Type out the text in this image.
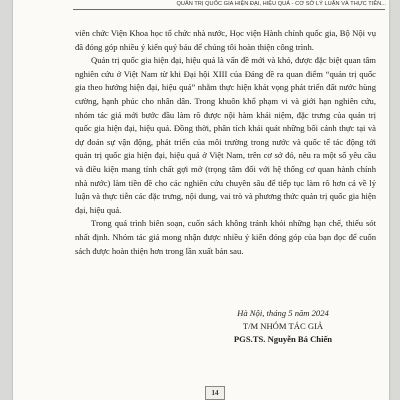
QUẢN TRỊ QUỐC GIA HIỆN ĐẠI, HIỆU QUẢ - CƠ SỞ LÝ LUẬN VÀ THỰC TIỄN...

viên chức Viện Khoa học tổ chức nhà nước, Học viện Hành chính quốc gia, Bộ Nội vụ đã đóng góp nhiều ý kiến quý báu để chúng tôi hoàn thiện công trình.

Quản trị quốc gia hiện đại, hiệu quả là vấn đề mới và khó, được đặc biệt quan tâm nghiên cứu ở Việt Nam từ khi Đại hội XIII của Đảng đề ra quan điểm “quản trị quốc gia theo hướng hiện đại, hiệu quả” nhằm thực hiện khát vọng phát triển đất nước hùng cường, hạnh phúc cho nhân dân. Trong khuôn khổ phạm vi và giới hạn nghiên cứu, nhóm tác giả mới bước đầu làm rõ được nội hàm khái niệm, đặc trưng của quản trị quốc gia hiện đại, hiệu quả. Đồng thời, phân tích khái quát những bối cảnh thực tại và dự đoán sự vận động, phát triển của môi trường trong nước và quốc tế tác động tới quản trị quốc gia hiện đại, hiệu quả ở Việt Nam, trên cơ sở đó, nêu ra một số yêu cầu và điều kiện mang tính chất gợi mở (trọng tâm đối với hệ thống cơ quan hành chính nhà nước) làm tiền đề cho các nghiên cứu chuyên sâu để tiếp tục làm rõ hơn cả về lý luận và thực tiễn các đặc trưng, nội dung, vai trò và phương thức quản trị quốc gia hiện đại, hiệu quả.

Trong quá trình biên soạn, cuốn sách không tránh khỏi những hạn chế, thiếu sót nhất định. Nhóm tác giả mong nhận được nhiều ý kiến đóng góp của bạn đọc để cuốn sách được hoàn thiện hơn trong lần xuất bản sau.

Hà Nội, tháng 5 năm 2024
T/M NHÓM TÁC GIẢ
PGS.TS. Nguyễn Bá Chiến
14
